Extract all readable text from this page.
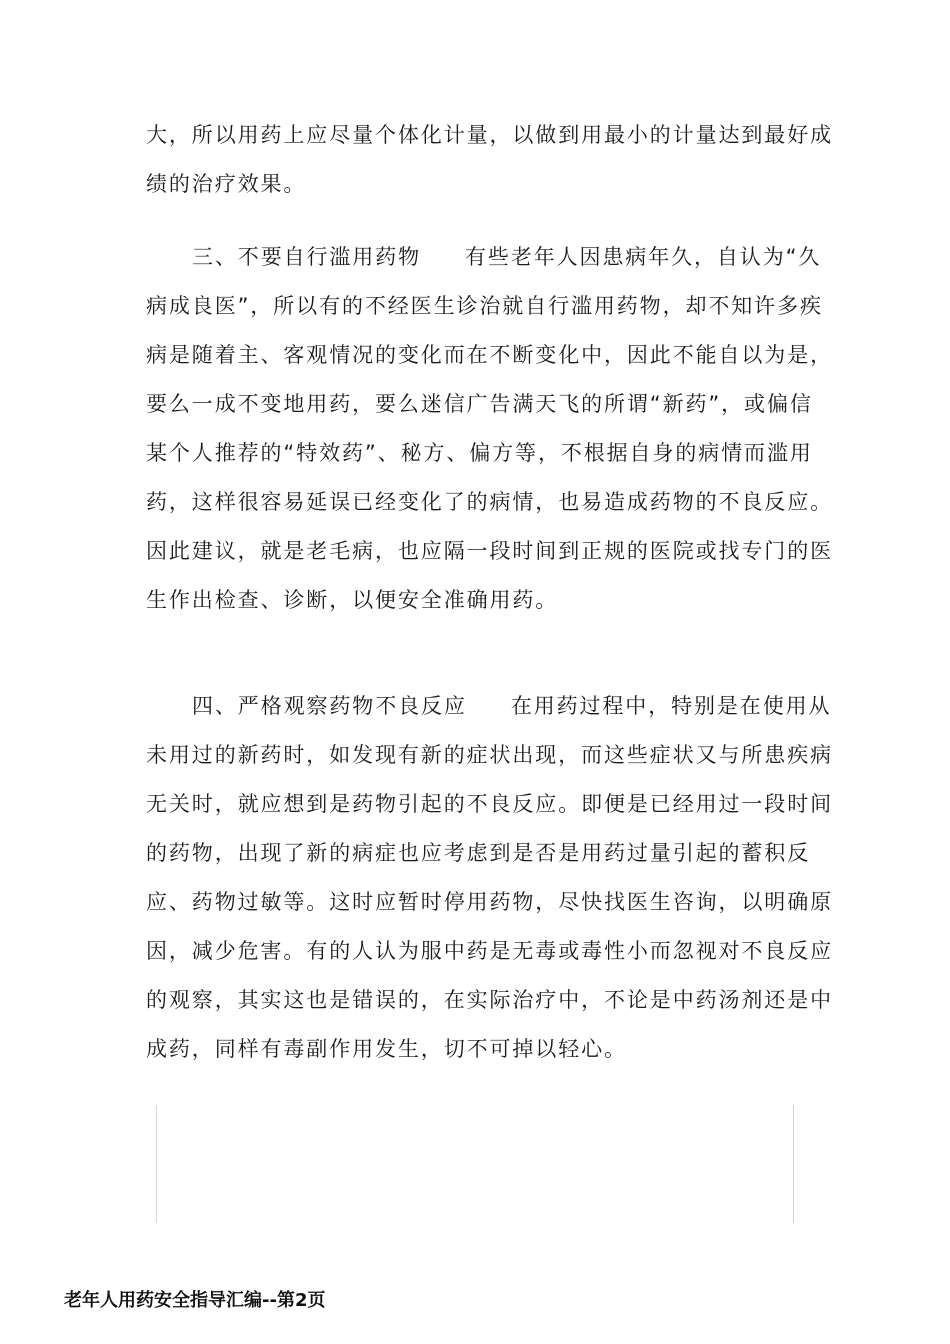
大，所以用药上应尽量个体化计量，以做到用最小的计量达到最好成
绩的治疗效果。
三、不要自行滥用药物 有些老年人因患病年久，自认为“久
病成良医”，所以有的不经医生诊治就自行滥用药物，却不知许多疾
病是随着主、客观情况的变化而在不断变化中，因此不能自以为是，
要么一成不变地用药，要么迷信广告满天飞的所谓“新药”，或偏信
某个人推荐的“特效药”、秘方、偏方等，不根据自身的病情而滥用
药，这样很容易延误已经变化了的病情，也易造成药物的不良反应。
因此建议，就是老毛病，也应隔一段时间到正规的医院或找专门的医
生作出检查、诊断，以便安全准确用药。
四、严格观察药物不良反应 在用药过程中，特别是在使用从
未用过的新药时，如发现有新的症状出现，而这些症状又与所患疾病
无关时，就应想到是药物引起的不良反应。即便是已经用过一段时间
的药物，出现了新的病症也应考虑到是否是用药过量引起的蓄积反
应、药物过敏等。这时应暂时停用药物，尽快找医生咨询，以明确原
因，减少危害。有的人认为服中药是无毒或毒性小而忽视对不良反应
的观察，其实这也是错误的，在实际治疗中，不论是中药汤剂还是中
成药，同样有毒副作用发生，切不可掉以轻心。
老年人用药安全指导汇编--第2页
